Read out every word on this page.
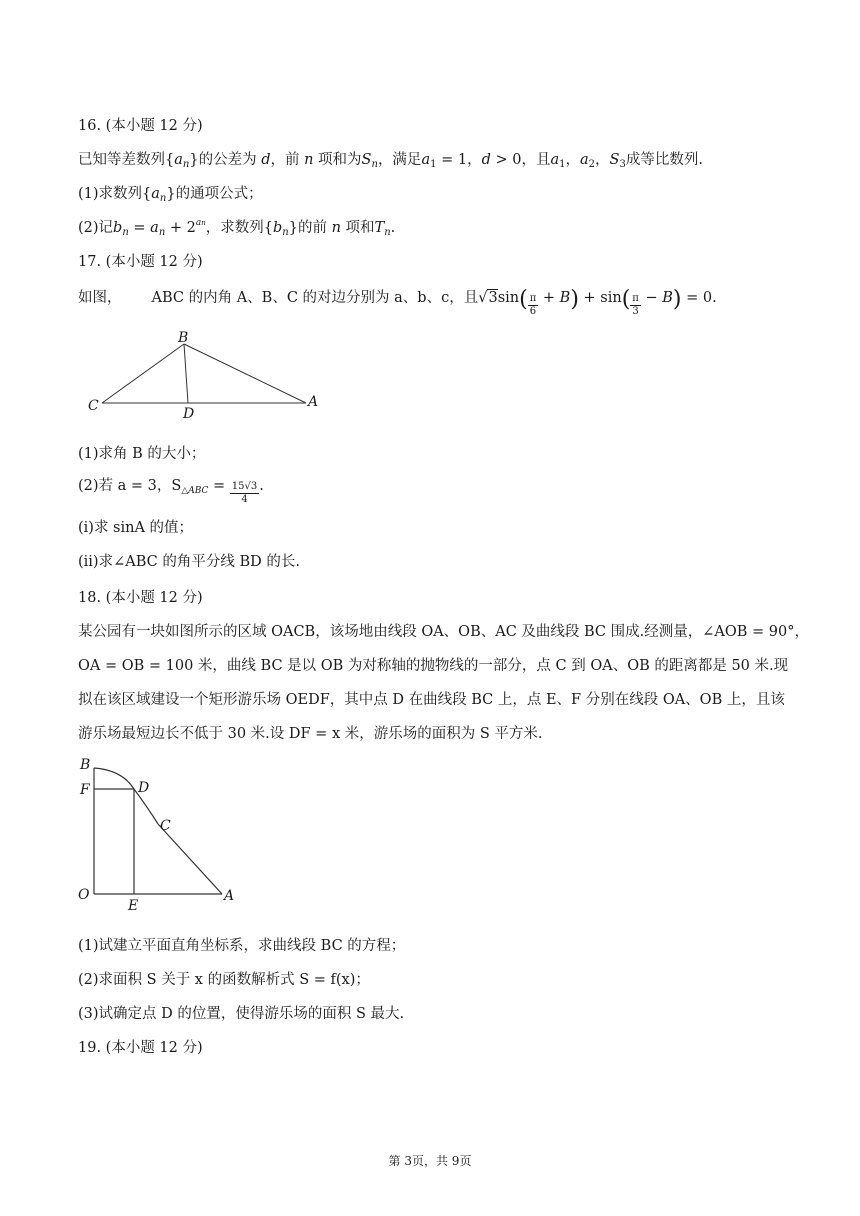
16. (本小题 12 分)
已知等差数列$\{a_n\}$的公差为 d，前 n 项和为$S_n$，满足$a_1 = 1$，d > 0，且$a_1$，$a_2$，$S_3$成等比数列.
(1)求数列$\{a_n\}$的通项公式；
(2)记$b_n = a_n + 2^{an}$，求数列$\{b_n\}$的前 n 项和$T_n$.
17. (本小题 12 分)
如图， ABC 的内角 A、B、C 的对边分别为 a、b、c，且$√3\sin( \frac{\pi}{6} + B) + \sin( \frac{\pi}{3} - B) = 0$.
B
C	D
A
(1)求角 B 的大小；
(2)若 a = 3，$S_{\triangle ABC} = \frac{15√3}{4}$ .
(i)求 sinA 的值；
(ii)求∠ABC 的角平分线 BD 的长.
18. (本小题 12 分)
某公园有一块如图所示的区域 OACB，该场地由线段 OA、OB、AC 及曲线段 BC 围成.经测量，∠AOB = 90°，
OA = OB = 100 米，曲线 BC 是以 OB 为对称轴的抛物线的一部分，点 C 到 OA、OB 的距离都是 50 米.现
拟在该区域建设一个矩形游乐场 OEDF，其中点 D 在曲线段 BC 上，点 E、F 分别在线段 OA、OB 上，且该
游乐场最短边长不低于 30 米.设 DF = x 米，游乐场的面积为 S 平方米.
B
F	D
C
O
E
A
(1)试建立平面直角坐标系，求曲线段 BC 的方程；
(2)求面积 S 关于 x 的函数解析式 S = f(x)；
(3)试确定点 D 的位置，使得游乐场的面积 S 最大.
19. (本小题 12 分)
第 3页，共 9页
